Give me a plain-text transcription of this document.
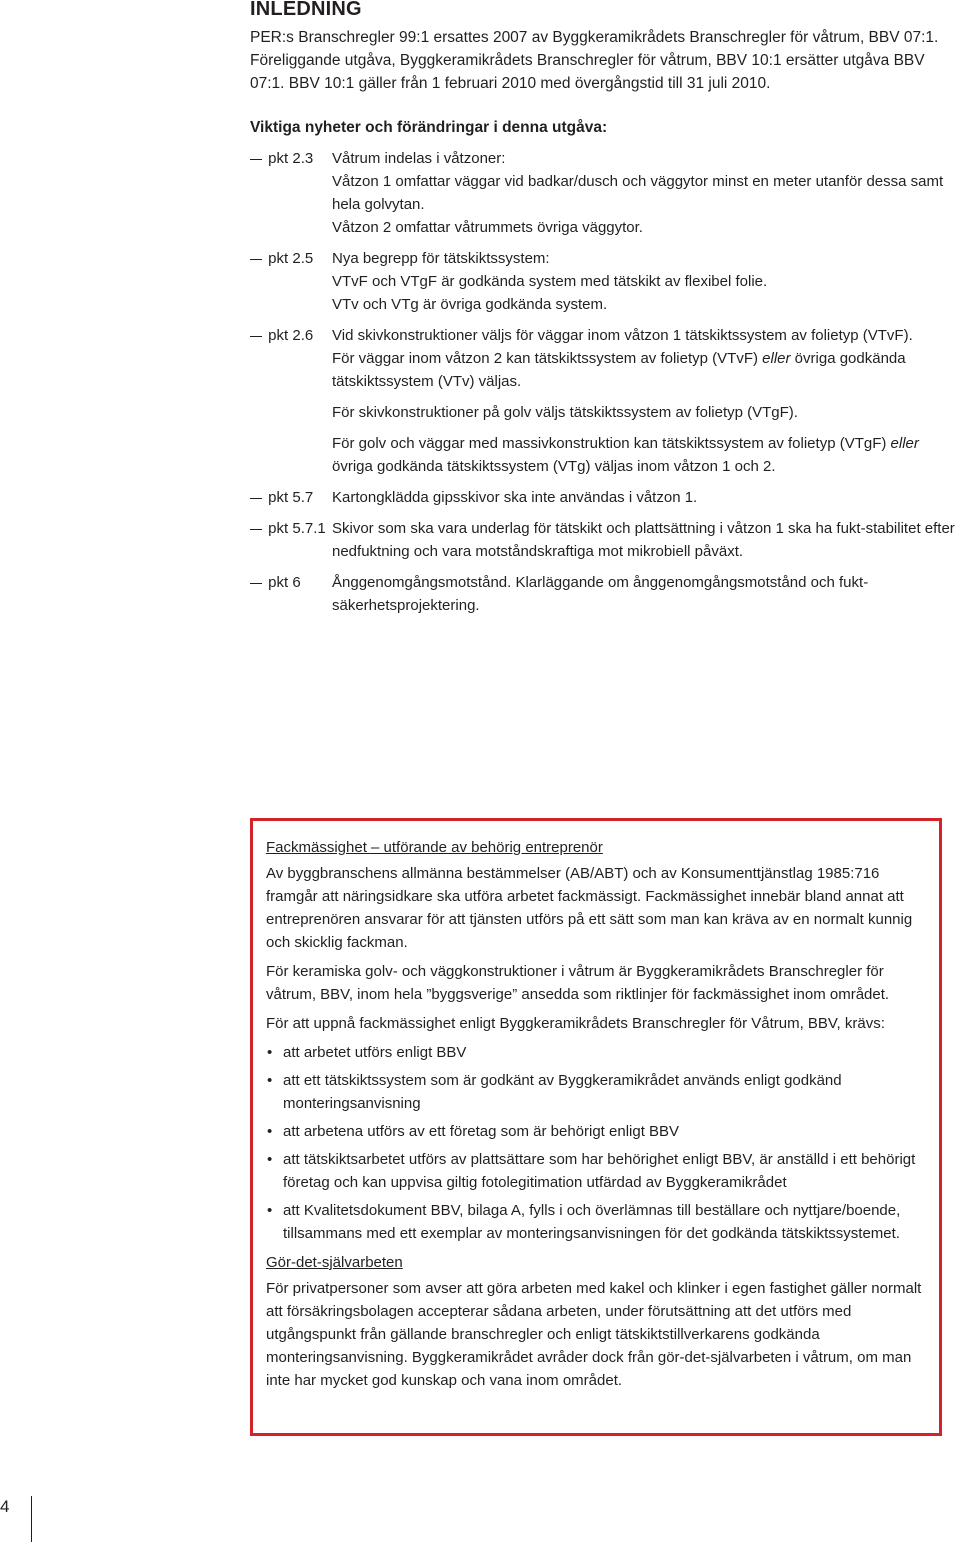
INLEDNING

PER:s Branschregler 99:1 ersattes 2007 av Byggkeramikrådets Branschregler för våtrum, BBV 07:1. Föreliggande utgåva, Byggkeramikrådets Branschregler för våtrum, BBV 10:1 ersätter utgåva BBV 07:1. BBV 10:1 gäller från 1 februari 2010 med övergångstid till 31 juli 2010.

Viktiga nyheter och förändringar i denna utgåva:

pkt 2.3	Våtrum indelas i våtzoner:

Våtzon 1 omfattar väggar vid badkar/dusch och väggytor minst en meter utanför dessa samt hela golvytan.

Våtzon 2 omfattar våtrummets övriga väggytor.

pkt 2.5	Nya begrepp för tätskiktssystem:

VTvF och VTgF är godkända system med tätskikt av flexibel folie.

VTv och VTg är övriga godkända system.

pkt 2.6	Vid skivkonstruktioner väljs för väggar inom våtzon 1 tätskiktssystem av folietyp (VTvF).

För väggar inom våtzon 2 kan tätskiktssystem av folietyp (VTvF) eller övriga godkända tätskiktssystem (VTv) väljas.

För skivkonstruktioner på golv väljs tätskiktssystem av folietyp (VTgF).

För golv och väggar med massivkonstruktion kan tätskiktssystem av folietyp (VTgF) eller övriga godkända tätskiktssystem (VTg) väljas inom våtzon 1 och 2.

pkt 5.7	Kartongklädda gipsskivor ska inte användas i våtzon 1.

pkt 5.7.1 Skivor som ska vara underlag för tätskikt och plattsättning i våtzon 1 ska ha fukt-stabilitet efter nedfuktning och vara motståndskraftiga mot mikrobiell påväxt.

pkt 6	Ånggenomgångsmotstånd. Klarläggande om ånggenomgångsmotstånd och fukt-säkerhetsprojektering.

Fackmässighet – utförande av behörig entreprenör

Av byggbranschens allmänna bestämmelser (AB/ABT) och av Konsumenttjänstlag 1985:716 framgår att näringsidkare ska utföra arbetet fackmässigt. Fackmässighet innebär bland annat att entreprenören ansvarar för att tjänsten utförs på ett sätt som man kan kräva av en normalt kunnig och skicklig fackman.

För keramiska golv- och väggkonstruktioner i våtrum är Byggkeramikrådets Branschregler för våtrum, BBV, inom hela ”byggsverige” ansedda som riktlinjer för fackmässighet inom området.

För att uppnå fackmässighet enligt Byggkeramikrådets Branschregler för Våtrum, BBV, krävs:

• att arbetet utförs enligt BBV
• att ett tätskiktssystem som är godkänt av Byggkeramikrådet används enligt godkänd monteringsanvisning
• att arbetena utförs av ett företag som är behörigt enligt BBV
• att tätskiktsarbetet utförs av plattsättare som har behörighet enligt BBV, är anställd i ett behörigt företag och kan uppvisa giltig fotolegitimation utfärdad av Byggkeramikrådet
• att Kvalitetsdokument BBV, bilaga A, fylls i och överlämnas till beställare och nyttjare/boende, tillsammans med ett exemplar av monteringsanvisningen för det godkända tätskiktssystemet.

Gör-det-självarbeten

För privatpersoner som avser att göra arbeten med kakel och klinker i egen fastighet gäller normalt att försäkringsbolagen accepterar sådana arbeten, under förutsättning att det utförs med utgångspunkt från gällande branschregler och enligt tätskiktstillverkarens godkända monteringsanvisning. Byggkeramikrådet avråder dock från gör-det-självarbeten i våtrum, om man inte har mycket god kunskap och vana inom området.

4
